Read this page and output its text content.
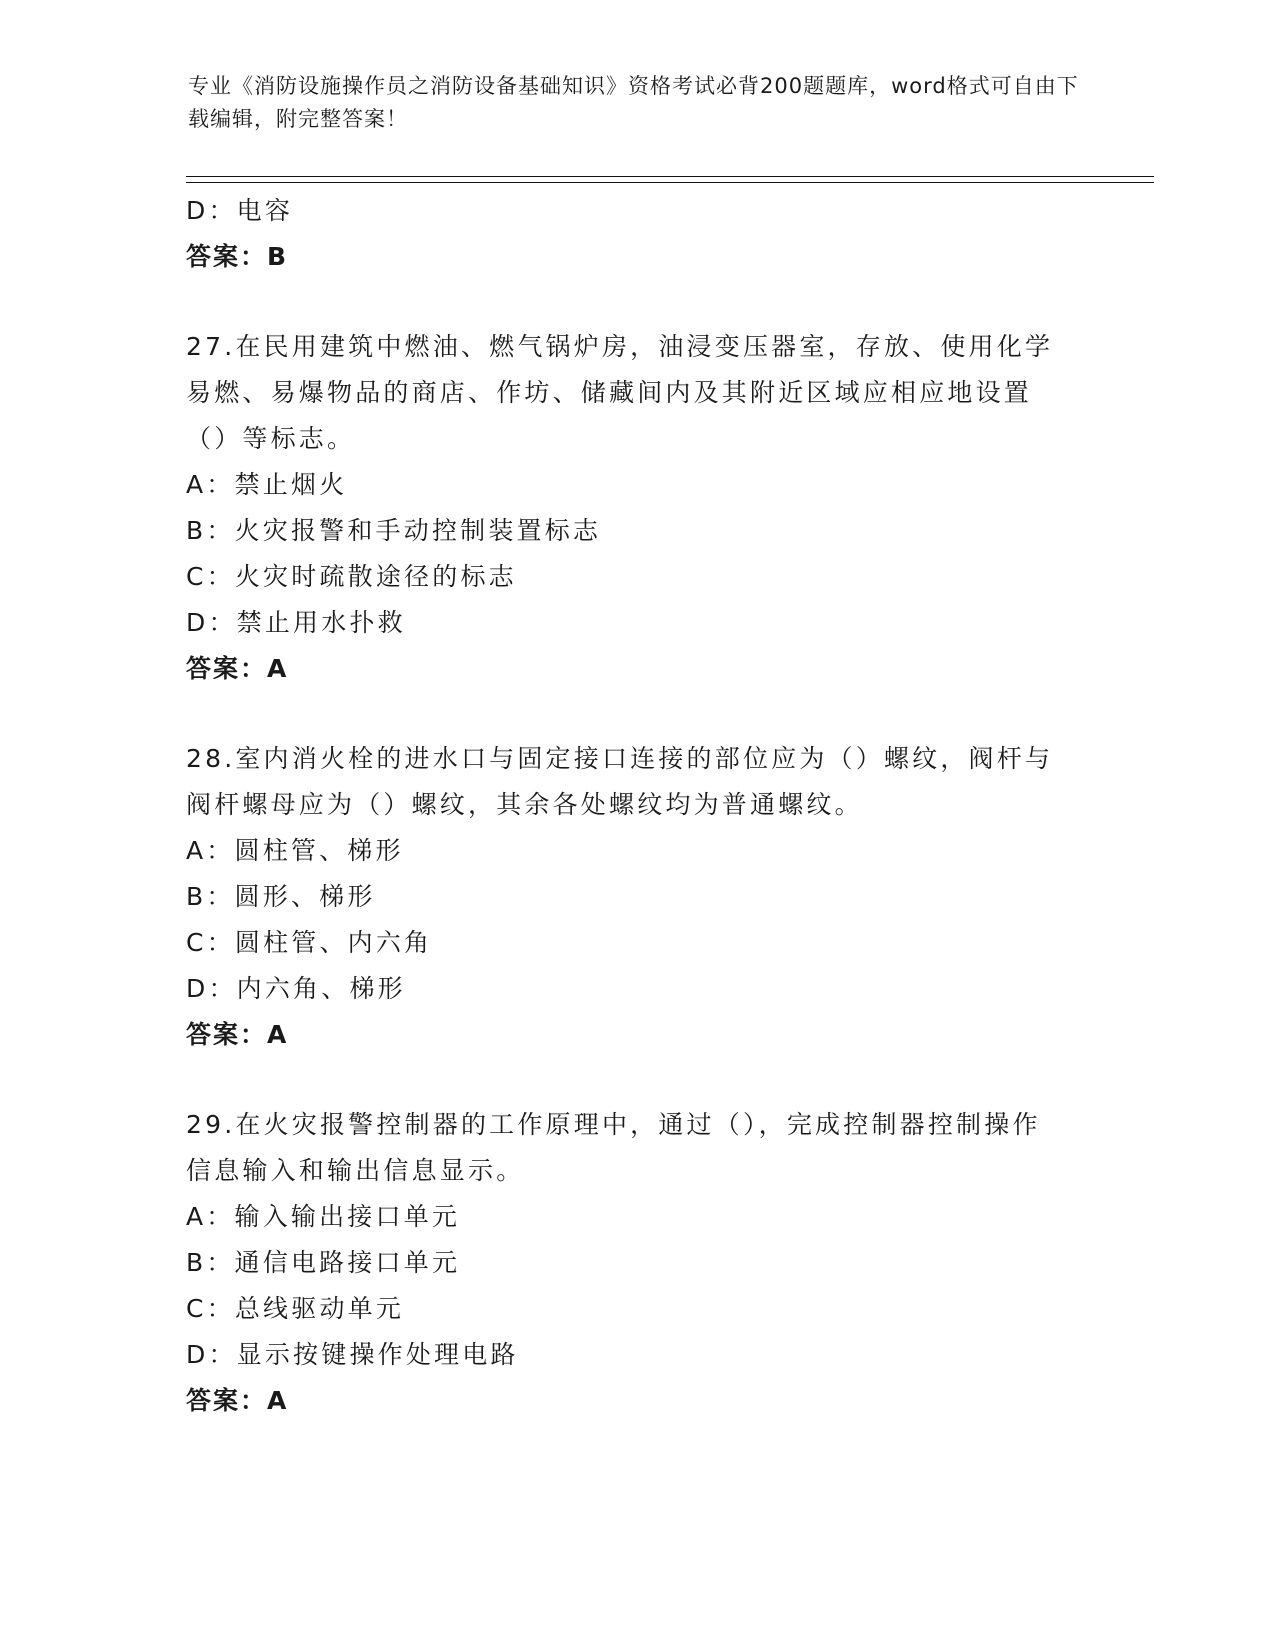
专业《消防设施操作员之消防设备基础知识》资格考试必背200题题库，word格式可自由下载编辑，附完整答案！
D：电容
答案：B
27.在民用建筑中燃油、燃气锅炉房，油浸变压器室，存放、使用化学
易燃、易爆物品的商店、作坊、储藏间内及其附近区域应相应地设置
（）等标志。
A：禁止烟火
B：火灾报警和手动控制装置标志
C：火灾时疏散途径的标志
D：禁止用水扑救
答案：A
28.室内消火栓的进水口与固定接口连接的部位应为（）螺纹，阀杆与
阀杆螺母应为（）螺纹，其余各处螺纹均为普通螺纹。
A：圆柱管、梯形
B：圆形、梯形
C：圆柱管、内六角
D：内六角、梯形
答案：A
29.在火灾报警控制器的工作原理中，通过（），完成控制器控制操作
信息输入和输出信息显示。
A：输入输出接口单元
B：通信电路接口单元
C：总线驱动单元
D：显示按键操作处理电路
答案：A
